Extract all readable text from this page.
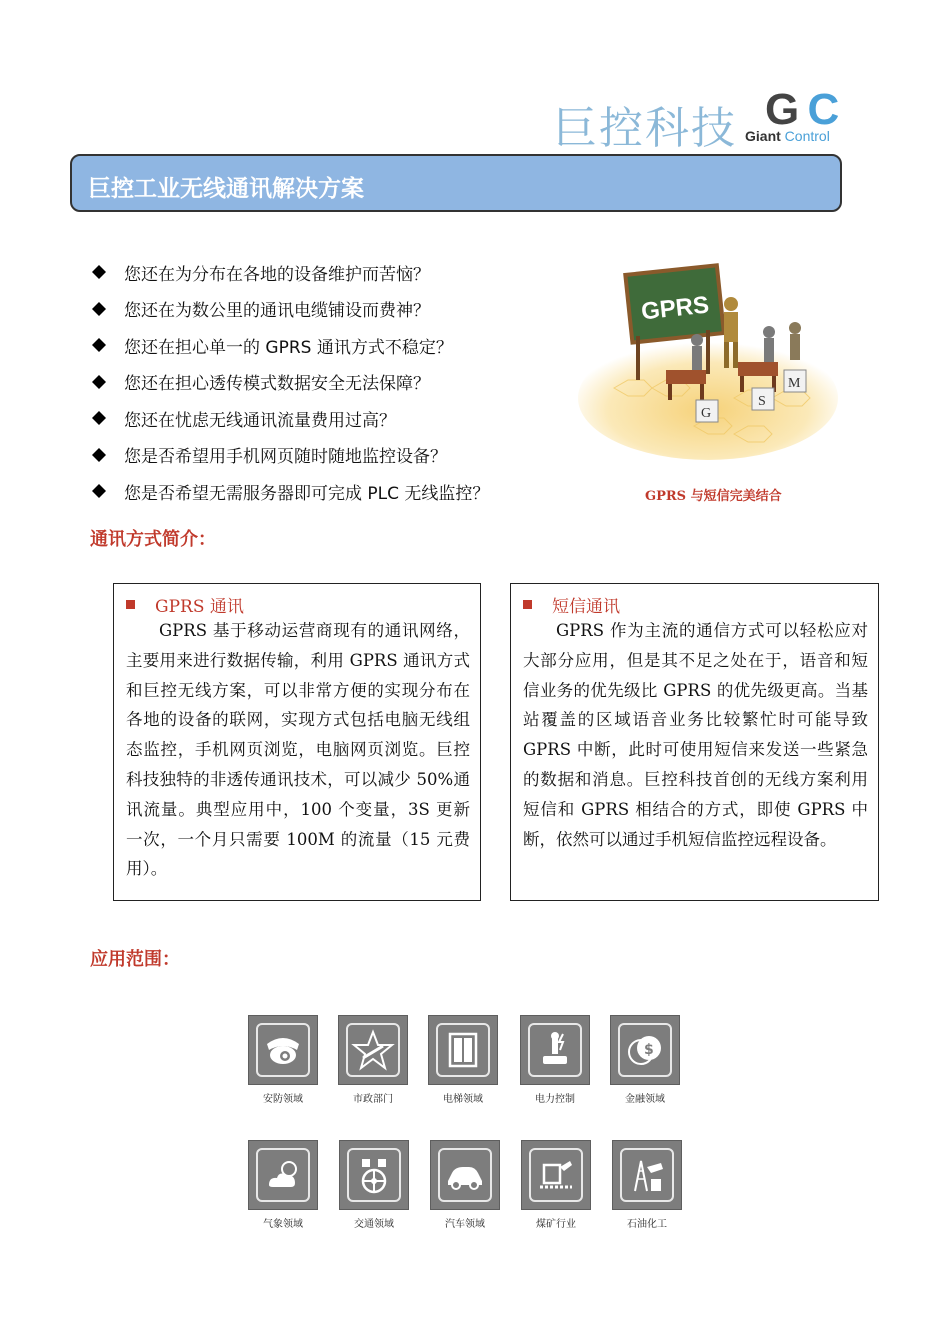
巨控科技 G C
Giant Control
巨控工业无线通讯解决方案
您还在为分布在各地的设备维护而苦恼？
您还在为数公里的通讯电缆铺设而费神？
您还在担心单一的 GPRS 通讯方式不稳定？
您还在担心透传模式数据安全无法保障？
您还在忧虑无线通讯流量费用过高？
您是否希望用手机网页随时随地监控设备？
您是否希望无需服务器即可完成 PLC 无线监控？
GPRS
G
S
M
GPRS 与短信完美结合
通讯方式简介：
GPRS 通讯
GPRS 基于移动运营商现有的通讯网络，主要用来进行数据传输，利用 GPRS 通讯方式和巨控无线方案，可以非常方便的实现分布在各地的设备的联网，实现方式包括电脑无线组态监控，手机网页浏览，电脑网页浏览。巨控科技独特的非透传通讯技术，可以减少 50%通讯流量。典型应用中，100 个变量，3S 更新一次，一个月只需要 100M 的流量（15 元费用）。
短信通讯
GPRS 作为主流的通信方式可以轻松应对大部分应用，但是其不足之处在于，语音和短信业务的优先级比 GPRS 的优先级更高。当基站覆盖的区域语音业务比较繁忙时可能导致 GPRS 中断，此时可使用短信来发送一些紧急的数据和消息。巨控科技首创的无线方案利用短信和 GPRS 相结合的方式，即使 GPRS 中断，依然可以通过手机短信监控远程设备。
应用范围：
安防领域	市政部门	电梯领域	电力控制
$
金融领域
气象领域	交通领域	汽车领域	煤矿行业	石油化工
